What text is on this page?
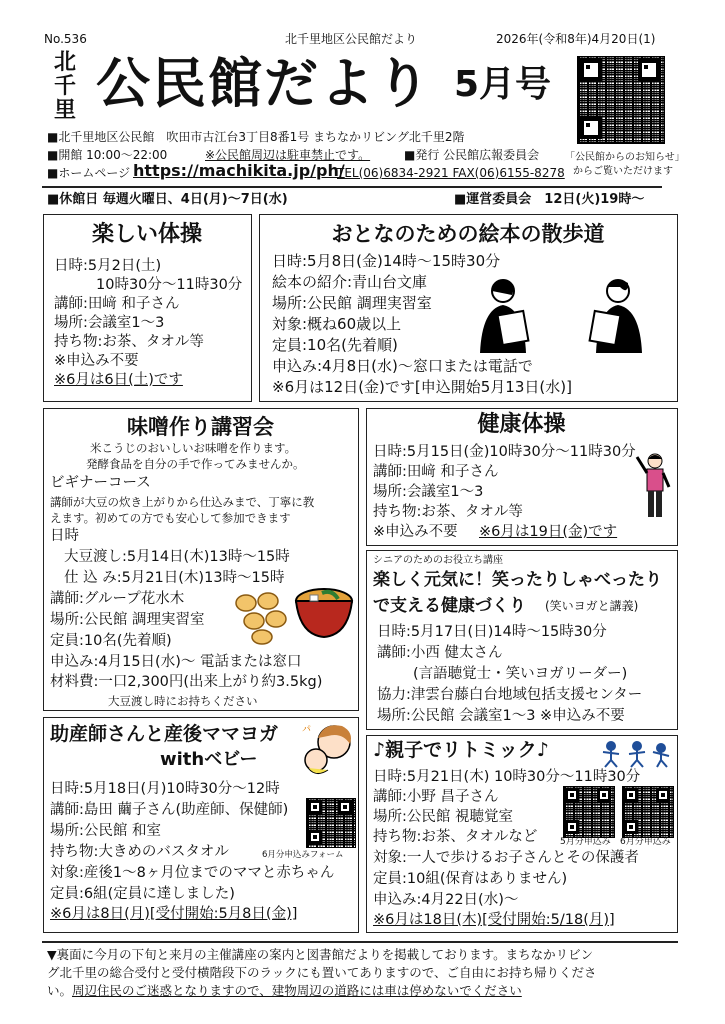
No.536	北千里地区公民館だより	2026年(令和8年)4月20日(1)
北千
里 公民館だより 5月号
「公民館からのお知らせ」
からご覧いただけます
■北千里地区公民館　吹田市古江台3丁目8番1号 まちなかリビング北千里2階
■開館 10:00～22:00	※公民館周辺は駐車禁止です。	■発行 公民館広報委員会
■ホームページ https://machikita.jp/ph/
TEL(06)6834-2921 FAX(06)6155-8278
■休館日 毎週火曜日、4日(月)～7日(水)	■運営委員会　12日(火)19時～
楽しい体操
日時:5月2日(土)
10時30分～11時30分
講師:田﨑 和子さん
場所:会議室1～3
持ち物:お茶、タオル等
※申込み不要
※6月は6日(土)です
おとなのための絵本の散歩道
日時:5月8日(金)14時～15時30分
絵本の紹介:青山台文庫
場所:公民館 調理実習室
対象:概ね60歳以上
定員:10名(先着順)
申込み:4月8日(水)～窓口または電話で
※6月は12日(金)です[申込開始5月13日(水)]
味噌作り講習会
米こうじのおいしいお味噌を作ります。
発酵食品を自分の手で作ってみませんか。
ビギナーコース
講師が大豆の炊き上がりから仕込みまで、丁寧に教
えます。初めての方でも安心して参加できます
日時
大豆渡し:5月14日(木)13時～15時
仕 込 み:5月21日(木)13時～15時
講師:グループ花水木
場所:公民館 調理実習室
定員:10名(先着順)
申込み:4月15日(水)～ 電話または窓口
材料費:一口2,300円(出来上がり約3.5kg)
大豆渡し時にお持ちください
健康体操
日時:5月15日(金)10時30分～11時30分
講師:田﨑 和子さん
場所:会議室1～3
持ち物:お茶、タオル等
※申込み不要 ※6月は19日(金)です
シニアのためのお役立ち講座
楽しく元気に！笑ったりしゃべったり
で支える健康づくり (笑いヨガと講義)
日時:5月17日(日)14時～15時30分
講師:小西 健太さん
(言語聴覚士・笑いヨガリーダー)
協力:津雲台藤白台地域包括支援センター
場所:公民館 会議室1～3 ※申込み不要
助産師さんと産後ママヨガ
withベビー
パ
日時:5月18日(月)10時30分～12時
講師:島田 繭子さん(助産師、保健師)
場所:公民館 和室
持ち物:大きめのバスタオル
対象:産後1～8ヶ月位までのママと赤ちゃん
定員:6組(定員に達しました)
※6月は8日(月)[受付開始:5月8日(金)]
6月分申込みフォーム
♪親子でリトミック♪
日時:5月21日(木) 10時30分～11時30分
講師:小野 昌子さん
場所:公民館 視聴覚室
持ち物:お茶、タオルなど
対象:一人で歩けるお子さんとその保護者
定員:10組(保育はありません)
申込み:4月22日(水)～
※6月は18日(木)[受付開始:5/18(月)]
5月分申込み 6月分申込み
▼裏面に今月の下旬と来月の主催講座の案内と図書館だよりを掲載しております。まちなかリビン
グ北千里の総合受付と受付横階段下のラックにも置いてありますので、ご自由にお持ち帰りくださ
い。 周辺住民のご迷惑となりますので、建物周辺の道路には車は停めないでください
